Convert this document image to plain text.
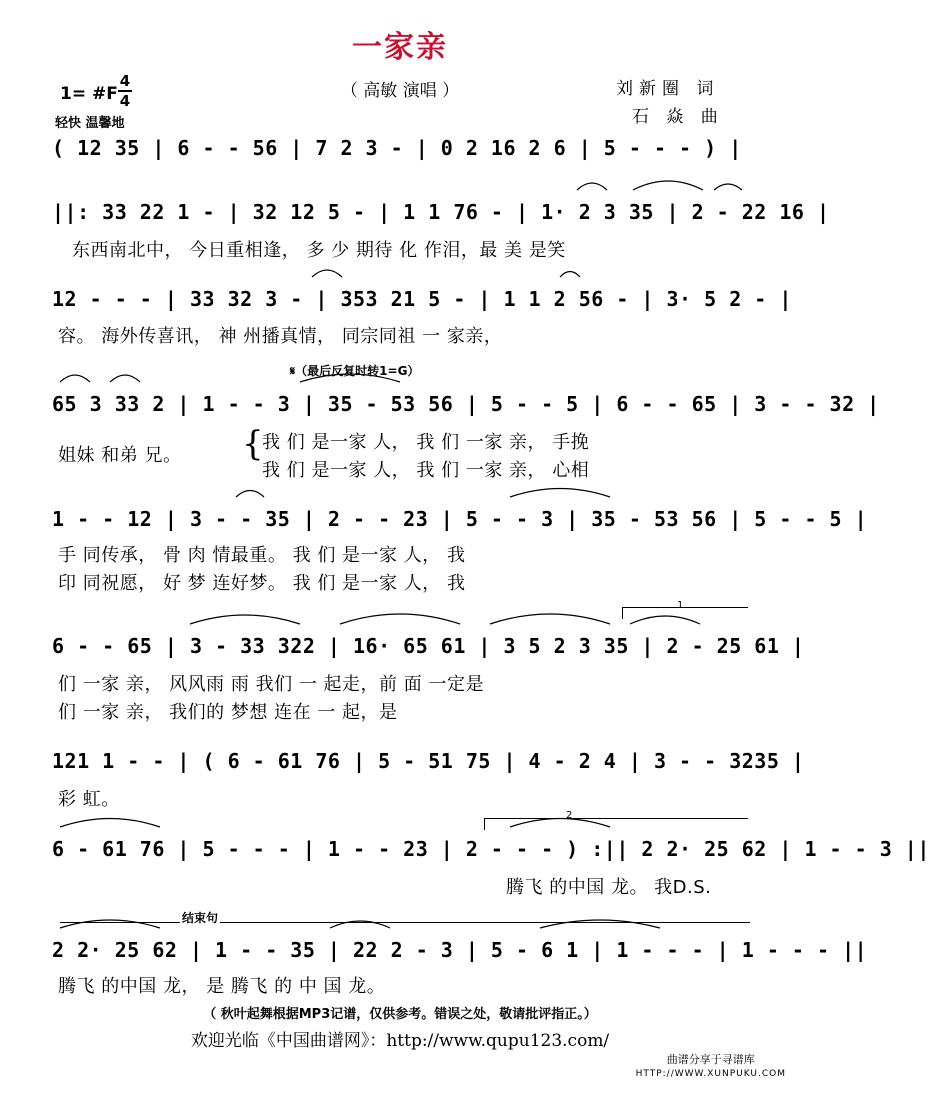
一家亲
（ 高敏 演唱 ）
1= #F
4
4
轻快 温馨地
刘新圈 词
石 焱 曲
( 12 35 | 6 - - 56 | 7 2 3 - | 0 2 16 2 6 | 5 - - - ) |
||: 33 22 1 - | 32 12 5 - | 1 1 76 - | 1· 2 3 35 | 2 - 22 16 |
东西南北中， 今日重相逢， 多 少 期待 化 作泪，最 美 是笑
12 - - - | 33 32 3 - | 353 21 5 - | 1 1 2 56 - | 3· 5 2 - |
容。 海外传喜讯， 神 州播真情， 同宗同祖 一 家亲，
𝄋（最后反复时转1=G）
65 3 33 2 | 1 - - 3 | 35 - 53 56 | 5 - - 5 | 6 - - 65 | 3 - - 32 |
姐妹 和弟 兄。 {
我 们 是一家 人， 我 们 一家 亲， 手挽
我 们 是一家 人， 我 们 一家 亲， 心相
1 - - 12 | 3 - - 35 | 2 - - 23 | 5 - - 3 | 35 - 53 56 | 5 - - 5 |
手 同传承， 骨 肉 情最重。 我 们 是一家 人， 我
印 同祝愿， 好 梦 连好梦。 我 们 是一家 人， 我
1
6 - - 65 | 3 - 33 322 | 16· 65 61 | 3 5 2 3 35 | 2 - 25 61 |
们 一家 亲， 风风雨 雨 我们 一 起走，前 面 一定是
们 一家 亲， 我们的 梦想 连在 一 起，是
121 1 - - | ( 6 - 61 76 | 5 - 51 75 | 4 - 2 4 | 3 - - 3235 |
彩 虹。
2
6 - 61 76 | 5 - - - | 1 - - 23 | 2 - - - ) :|| 2 2· 25 62 | 1 - - 3 ||
腾飞 的中国 龙。 我D.S.
结束句
2 2· 25 62 | 1 - - 35 | 22 2 - 3 | 5 - 6 1 | 1 - - - | 1 - - - ||
腾飞 的中国 龙， 是 腾飞 的 中 国 龙。
（ 秋叶起舞根据MP3记谱，仅供参考。错误之处，敬请批评指正。）
欢迎光临《中国曲谱网》：http://www.qupu123.com/
曲谱分享于寻谱库
HTTP://WWW.XUNPUKU.COM
